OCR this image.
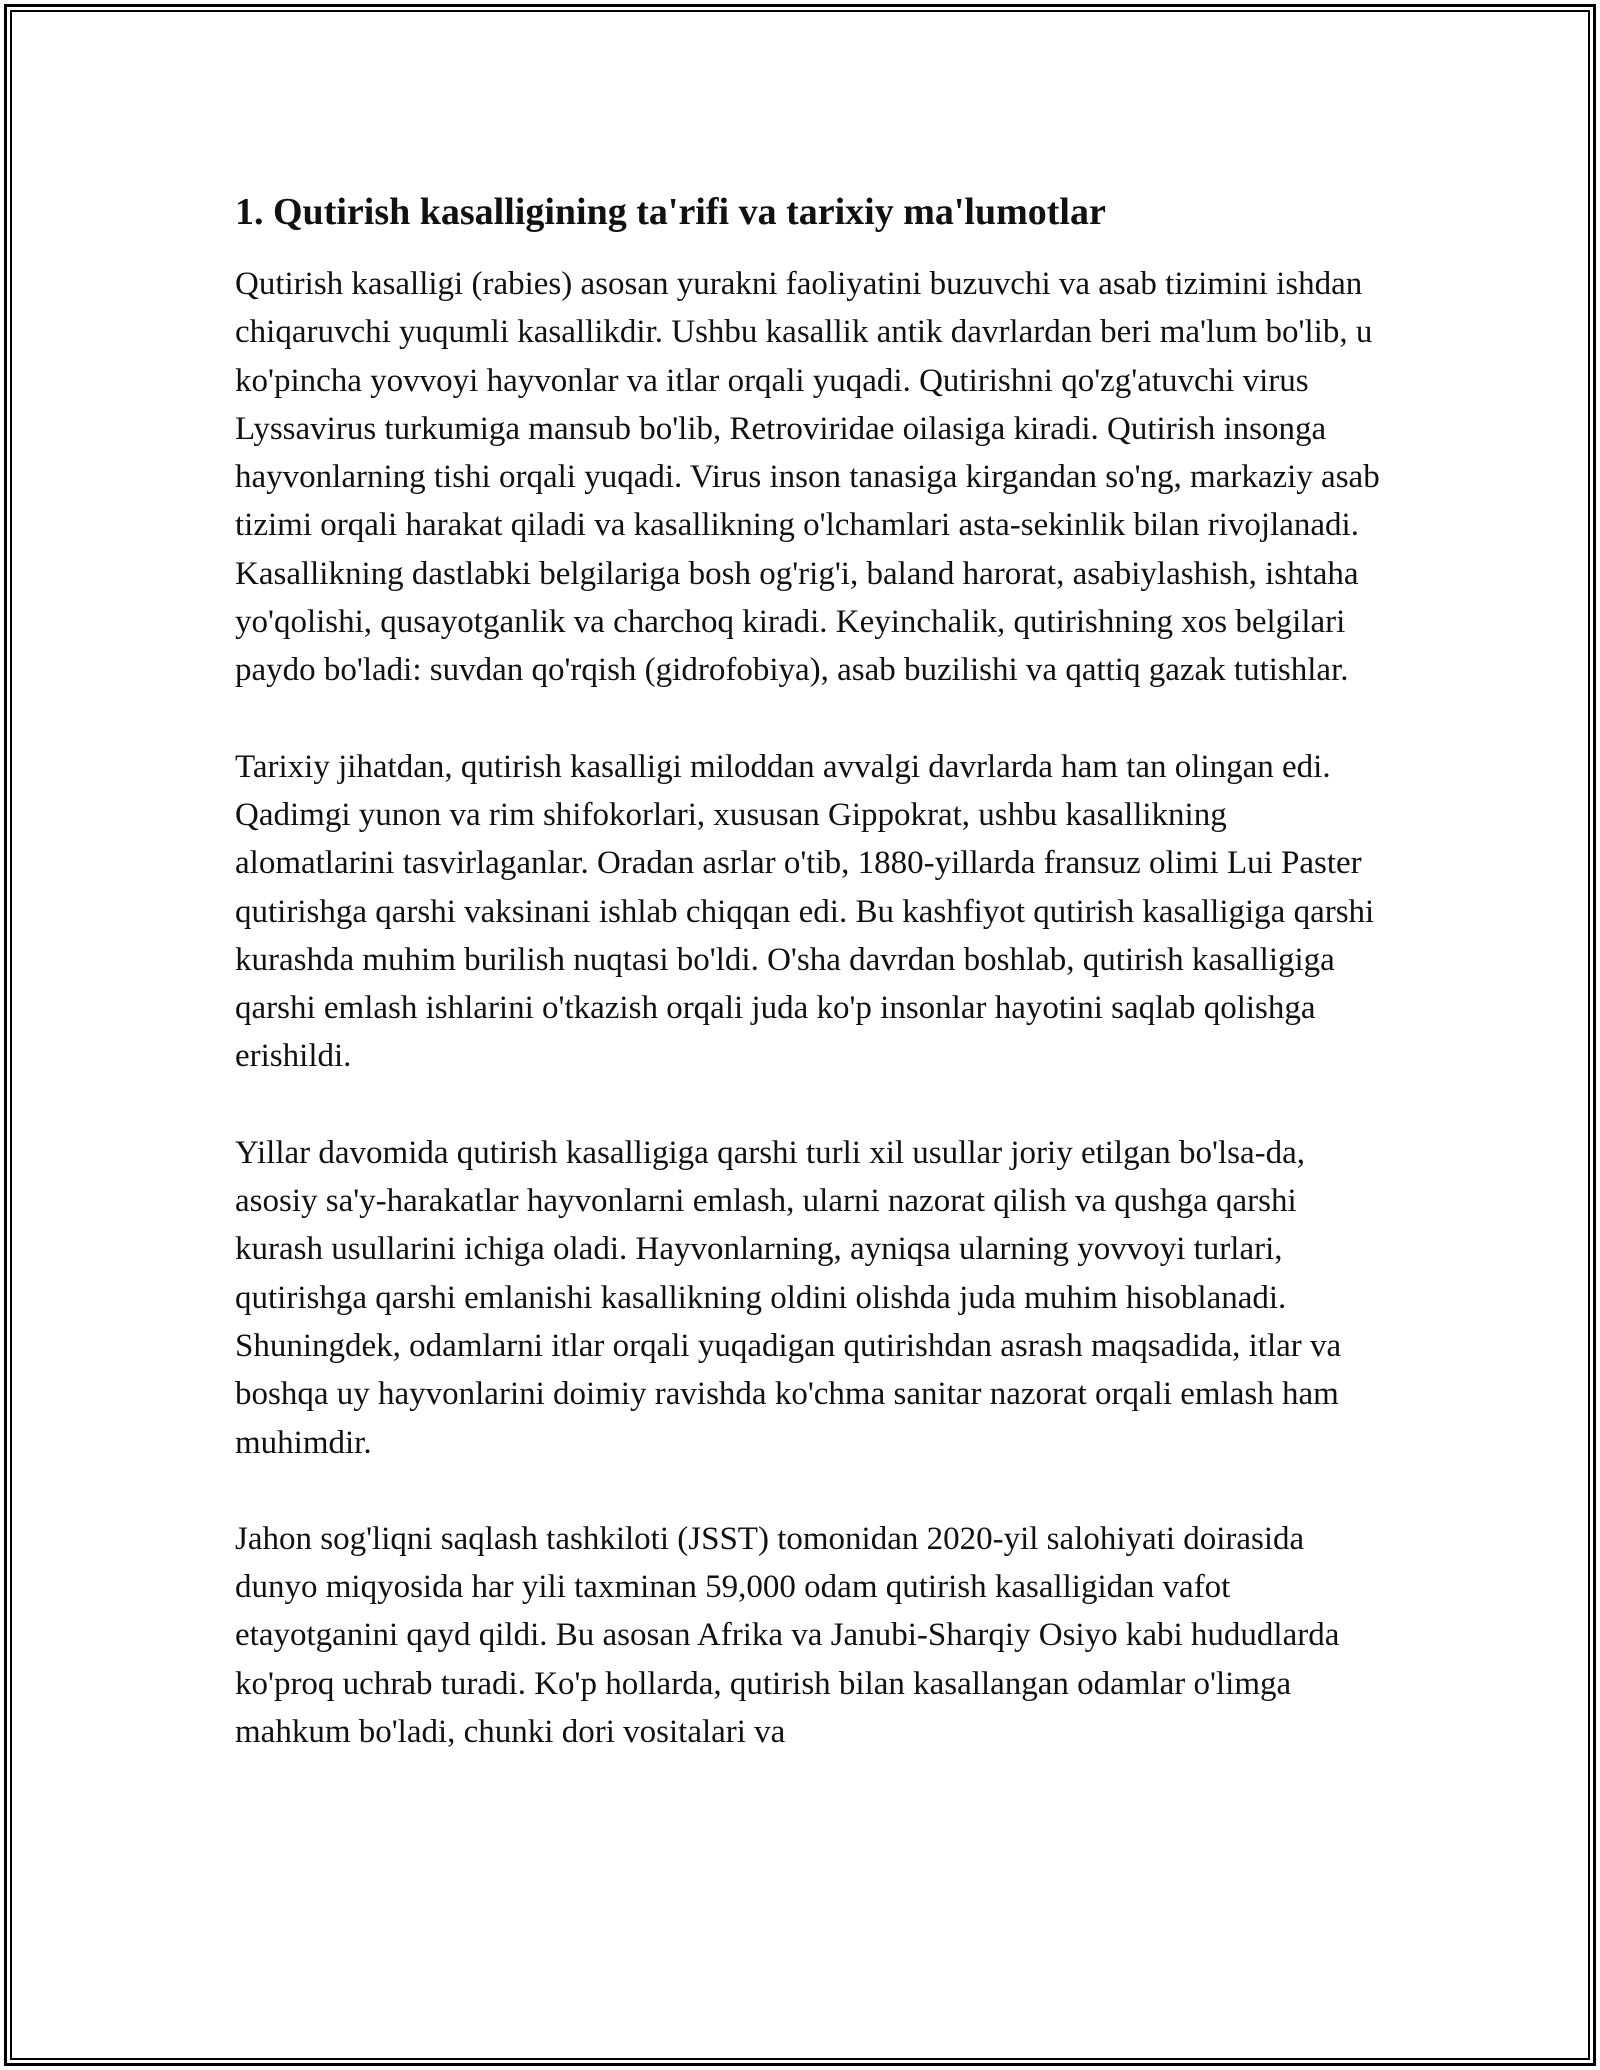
1. Qutirish kasalligining ta'rifi va tarixiy ma'lumotlar

Qutirish kasalligi (rabies) asosan yurakni faoliyatini buzuvchi va asab tizimini ishdan chiqaruvchi yuqumli kasallikdir. Ushbu kasallik antik davrlardan beri ma'lum bo'lib, u ko'pincha yovvoyi hayvonlar va itlar orqali yuqadi. Qutirishni qo'zg'atuvchi virus Lyssavirus turkumiga mansub bo'lib, Retroviridae oilasiga kiradi. Qutirish insonga hayvonlarning tishi orqali yuqadi. Virus inson tanasiga kirgandan so'ng, markaziy asab tizimi orqali harakat qiladi va kasallikning o'lchamlari asta-sekinlik bilan rivojlanadi. Kasallikning dastlabki belgilariga bosh og'rig'i, baland harorat, asabiylashish, ishtaha yo'qolishi, qusayotganlik va charchoq kiradi. Keyinchalik, qutirishning xos belgilari paydo bo'ladi: suvdan qo'rqish (gidrofobiya), asab buzilishi va qattiq gazak tutishlar.

Tarixiy jihatdan, qutirish kasalligi miloddan avvalgi davrlarda ham tan olingan edi. Qadimgi yunon va rim shifokorlari, xususan Gippokrat, ushbu kasallikning alomatlarini tasvirlaganlar. Oradan asrlar o'tib, 1880-yillarda fransuz olimi Lui Paster qutirishga qarshi vaksinani ishlab chiqqan edi. Bu kashfiyot qutirish kasalligiga qarshi kurashda muhim burilish nuqtasi bo'ldi. O'sha davrdan boshlab, qutirish kasalligiga qarshi emlash ishlarini o'tkazish orqali juda ko'p insonlar hayotini saqlab qolishga erishildi.

Yillar davomida qutirish kasalligiga qarshi turli xil usullar joriy etilgan bo'lsa-da, asosiy sa'y-harakatlar hayvonlarni emlash, ularni nazorat qilish va qushga qarshi kurash usullarini ichiga oladi. Hayvonlarning, ayniqsa ularning yovvoyi turlari, qutirishga qarshi emlanishi kasallikning oldini olishda juda muhim hisoblanadi. Shuningdek, odamlarni itlar orqali yuqadigan qutirishdan asrash maqsadida, itlar va boshqa uy hayvonlarini doimiy ravishda ko'chma sanitar nazorat orqali emlash ham muhimdir.

Jahon sog'liqni saqlash tashkiloti (JSST) tomonidan 2020-yil salohiyati doirasida dunyo miqyosida har yili taxminan 59,000 odam qutirish kasalligidan vafot etayotganini qayd qildi. Bu asosan Afrika va Janubi-Sharqiy Osiyo kabi hududlarda ko'proq uchrab turadi. Ko'p hollarda, qutirish bilan kasallangan odamlar o'limga mahkum bo'ladi, chunki dori vositalari va
